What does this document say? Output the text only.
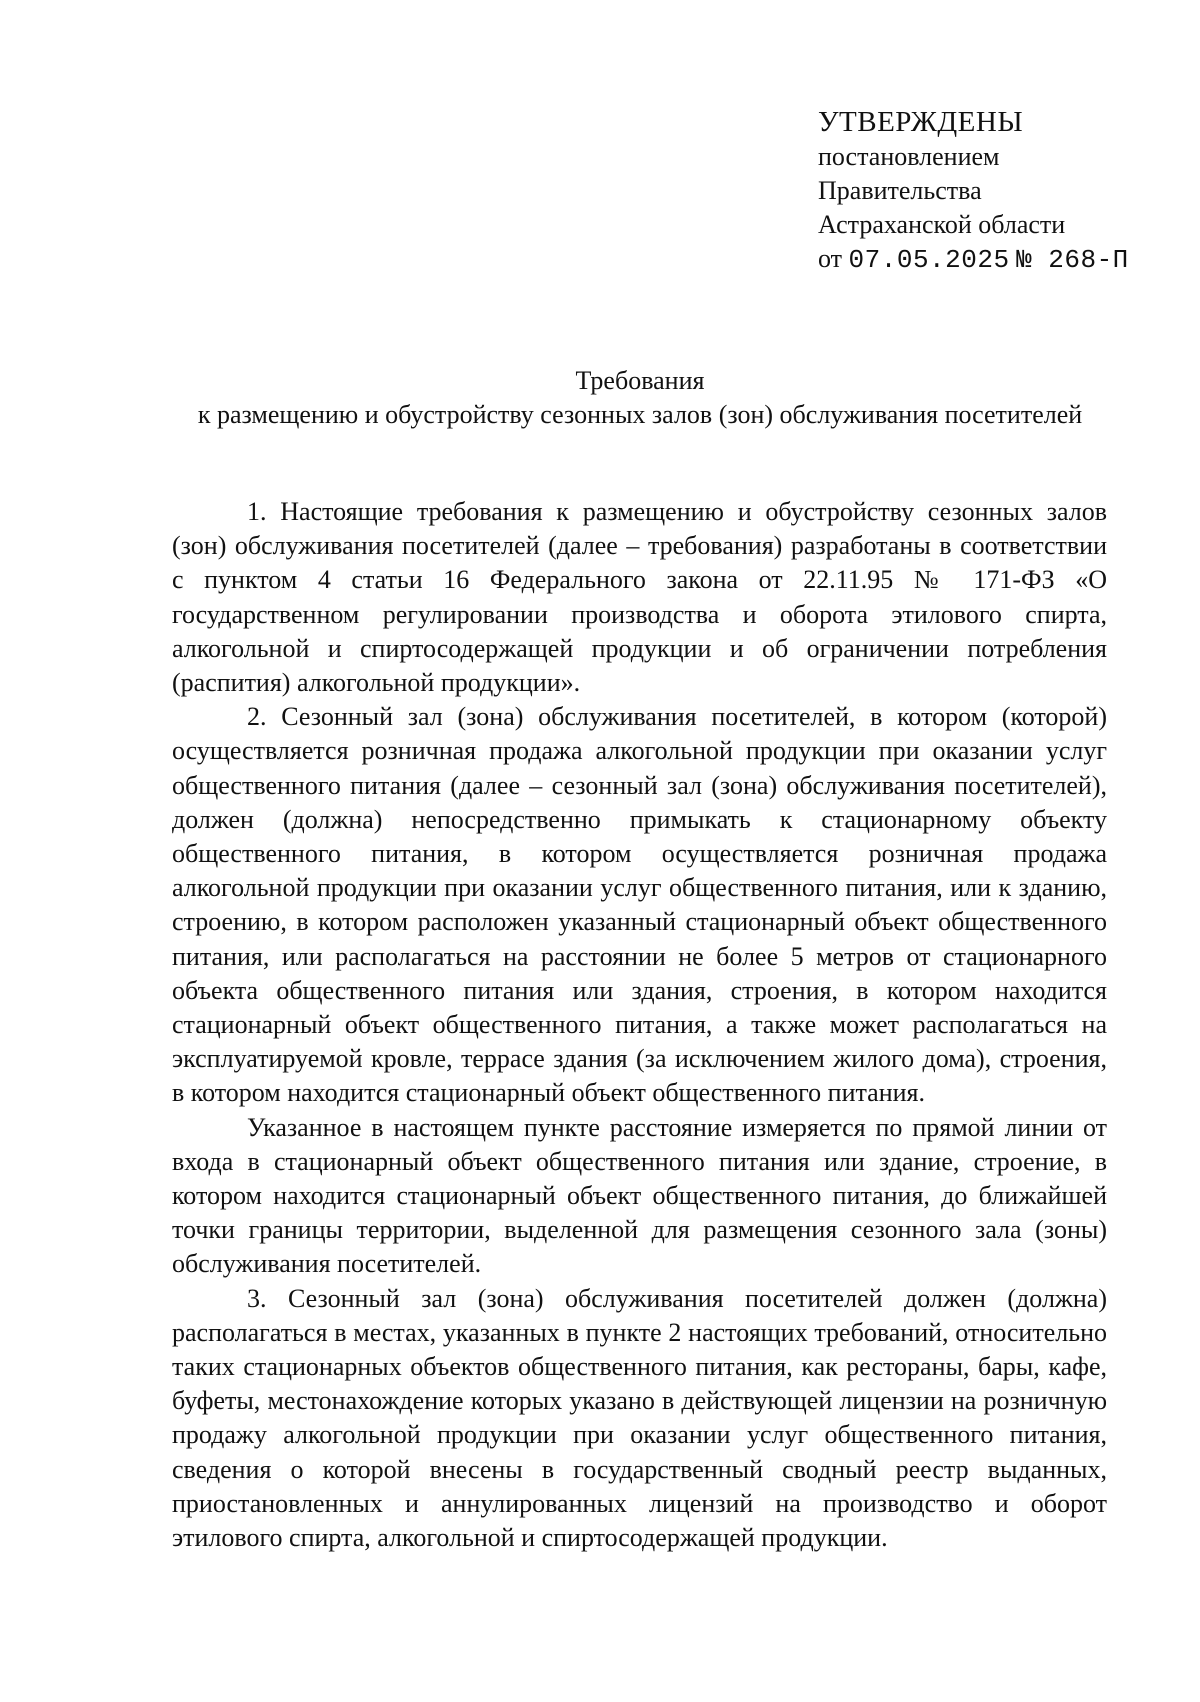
УТВЕРЖДЕНЫ
постановлением
Правительства
Астраханской области
от 07.05.2025 № 268-П
Требования
к размещению и обустройству сезонных залов (зон) обслуживания посетителей

1. Настоящие требования к размещению и обустройству сезонных залов (зон) обслуживания посетителей (далее – требования) разработаны в соответствии с пунктом 4 статьи 16 Федерального закона от 22.11.95 № 171-ФЗ «О государственном регулировании производства и оборота этилового спирта, алкогольной и спиртосодержащей продукции и об ограничении потребления (распития) алкогольной продукции».

2. Сезонный зал (зона) обслуживания посетителей, в котором (которой) осуществляется розничная продажа алкогольной продукции при оказании услуг общественного питания (далее – сезонный зал (зона) обслуживания посетителей), должен (должна) непосредственно примыкать к стационарному объекту общественного питания, в котором осуществляется розничная продажа алкогольной продукции при оказании услуг общественного питания, или к зданию, строению, в котором расположен указанный стационарный объект общественного питания, или располагаться на расстоянии не более 5 метров от стационарного объекта общественного питания или здания, строения, в котором находится стационарный объект общественного питания, а также может располагаться на эксплуатируемой кровле, террасе здания (за исключением жилого дома), строения, в котором находится стационарный объект общественного питания.

Указанное в настоящем пункте расстояние измеряется по прямой линии от входа в стационарный объект общественного питания или здание, строение, в котором находится стационарный объект общественного питания, до ближайшей точки границы территории, выделенной для размещения сезонного зала (зоны) обслуживания посетителей.

3. Сезонный зал (зона) обслуживания посетителей должен (должна) располагаться в местах, указанных в пункте 2 настоящих требований, относительно таких стационарных объектов общественного питания, как рестораны, бары, кафе, буфеты, местонахождение которых указано в действующей лицензии на розничную продажу алкогольной продукции при оказании услуг общественного питания, сведения о которой внесены в государственный сводный реестр выданных, приостановленных и аннулированных лицензий на производство и оборот этилового спирта, алкогольной и спиртосодержащей продукции.
